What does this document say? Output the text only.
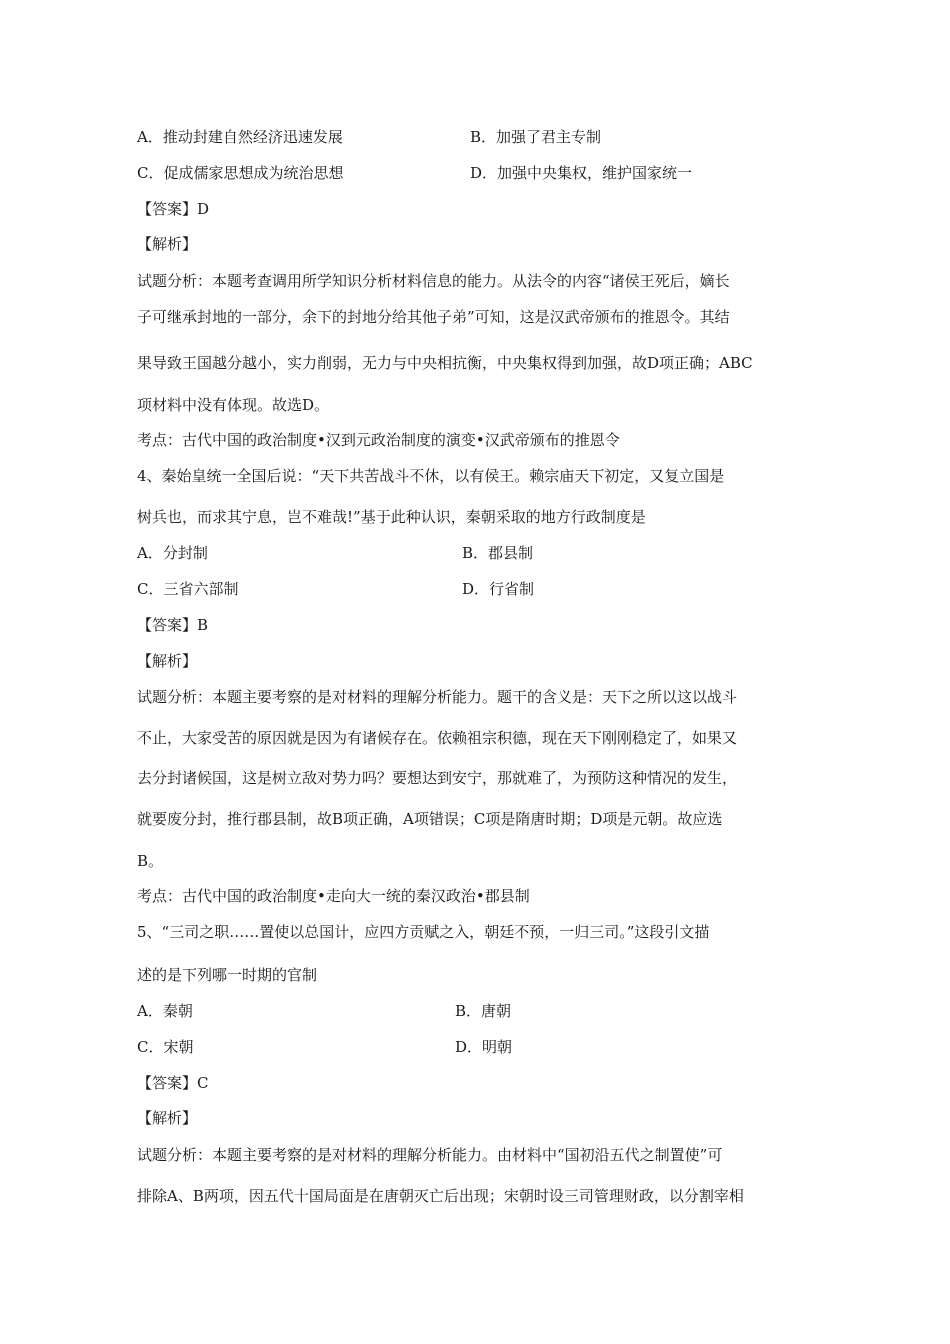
A．推动封建自然经济迅速发展	B．加强了君主专制
C．促成儒家思想成为统治思想	D．加强中央集权，维护国家统一
【答案】D
【解析】
试题分析：本题考查调用所学知识分析材料信息的能力。从法令的内容“诸侯王死后，嫡长
子可继承封地的一部分，余下的封地分给其他子弟”可知，这是汉武帝颁布的推恩令。其结
果导致王国越分越小，实力削弱，无力与中央相抗衡，中央集权得到加强，故D项正确；ABC
项材料中没有体现。故选D。
考点：古代中国的政治制度•汉到元政治制度的演变•汉武帝颁布的推恩令
4、秦始皇统一全国后说：“天下共苦战斗不休，以有侯王。赖宗庙天下初定，又复立国是
树兵也，而求其宁息，岂不难哉!”基于此种认识，秦朝采取的地方行政制度是
A．分封制	B．郡县制
C．三省六部制	D．行省制
【答案】B
【解析】
试题分析：本题主要考察的是对材料的理解分析能力。题干的含义是：天下之所以这以战斗
不止，大家受苦的原因就是因为有诸候存在。依赖祖宗积德，现在天下刚刚稳定了，如果又
去分封诸候国，这是树立敌对势力吗？要想达到安宁，那就难了，为预防这种情况的发生，
就要废分封，推行郡县制，故B项正确，A项错误；C项是隋唐时期；D项是元朝。故应选
B。
考点：古代中国的政治制度•走向大一统的秦汉政治•郡县制
5、“三司之职……置使以总国计，应四方贡赋之入，朝廷不预，一归三司。”这段引文描
述的是下列哪一时期的官制
A．秦朝	B．唐朝
C．宋朝	D．明朝
【答案】C
【解析】
试题分析：本题主要考察的是对材料的理解分析能力。由材料中“国初沿五代之制置使”可
排除A、B两项，因五代十国局面是在唐朝灭亡后出现；宋朝时设三司管理财政，以分割宰相
